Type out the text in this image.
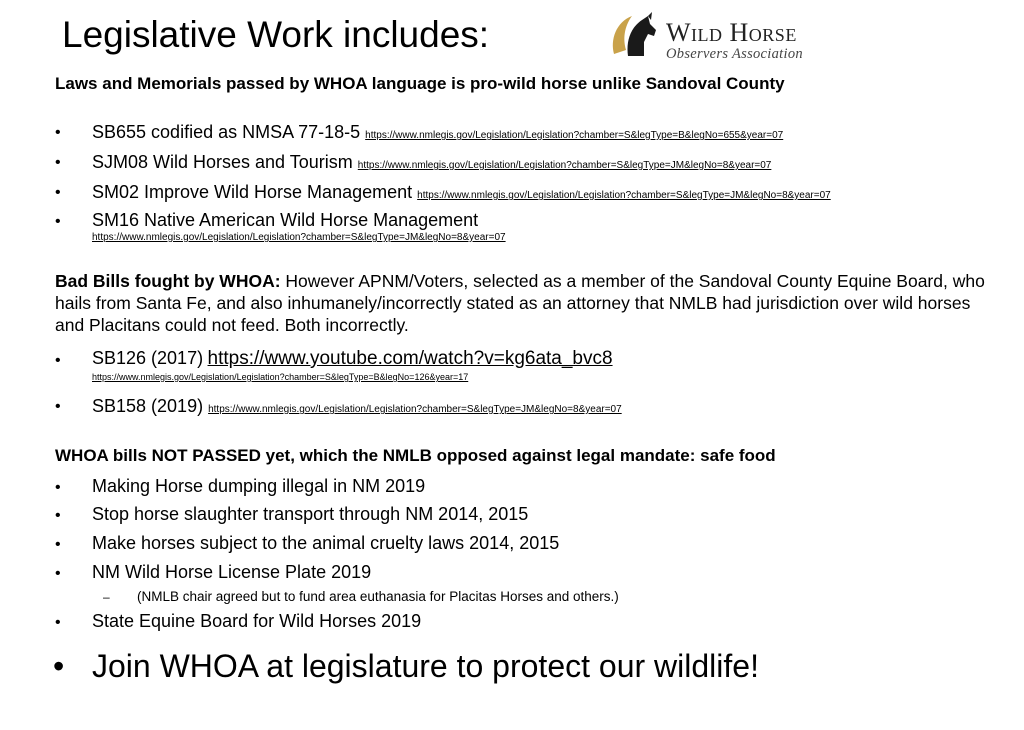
Legislative Work includes:	Wild Horse
Observers Association
Laws and Memorials passed by WHOA language is pro-wild horse unlike Sandoval County
• SB655 codified as NMSA 77-18-5 https://www.nmlegis.gov/Legislation/Legislation?chamber=S&legType=B&legNo=655&year=07
• SJM08 Wild Horses and Tourism https://www.nmlegis.gov/Legislation/Legislation?chamber=S&legType=JM&legNo=8&year=07
• SM02 Improve Wild Horse Management https://www.nmlegis.gov/Legislation/Legislation?chamber=S&legType=JM&legNo=8&year=07
• SM16 Native American Wild Horse Management
https://www.nmlegis.gov/Legislation/Legislation?chamber=S&legType=JM&legNo=8&year=07
Bad Bills fought by WHOA: However APNM/Voters, selected as a member of the Sandoval County Equine Board, who hails from Santa Fe, and also inhumanely/incorrectly stated as an attorney that NMLB had jurisdiction over wild horses and Placitans could not feed. Both incorrectly.
• SB126 (2017) https://www.youtube.com/watch?v=kg6ata_bvc8
https://www.nmlegis.gov/Legislation/Legislation?chamber=S&legType=B&legNo=126&year=17
• SB158 (2019) https://www.nmlegis.gov/Legislation/Legislation?chamber=S&legType=JM&legNo=8&year=07
WHOA bills NOT PASSED yet, which the NMLB opposed against legal mandate: safe food
• Making Horse dumping illegal in NM 2019
• Stop horse slaughter transport through NM 2014, 2015
• Make horses subject to the animal cruelty laws 2014, 2015
• NM Wild Horse License Plate 2019
– (NMLB chair agreed but to fund area euthanasia for Placitas Horses and others.)
• State Equine Board for Wild Horses 2019
• Join WHOA at legislature to protect our wildlife!
